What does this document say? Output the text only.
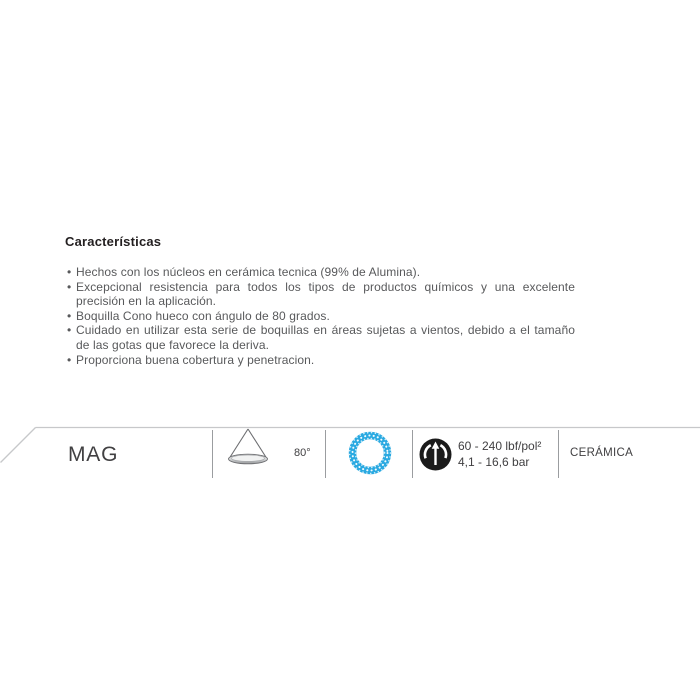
Características
• Hechos con los núcleos en cerámica tecnica (99% de Alumina).
• Excepcional resistencia para todos los tipos de productos químicos y una excelente precisión en la aplicación.
• Boquilla Cono hueco con ángulo de 80 grados.
• Cuidado en utilizar esta serie de boquillas en áreas sujetas a vientos, debido a el tamaño de las gotas que favorece la deriva.
• Proporciona buena cobertura y penetracion.
MAG	80°	60 - 240 lbf/pol²
4,1 - 16,6 bar
CERÁMICA
